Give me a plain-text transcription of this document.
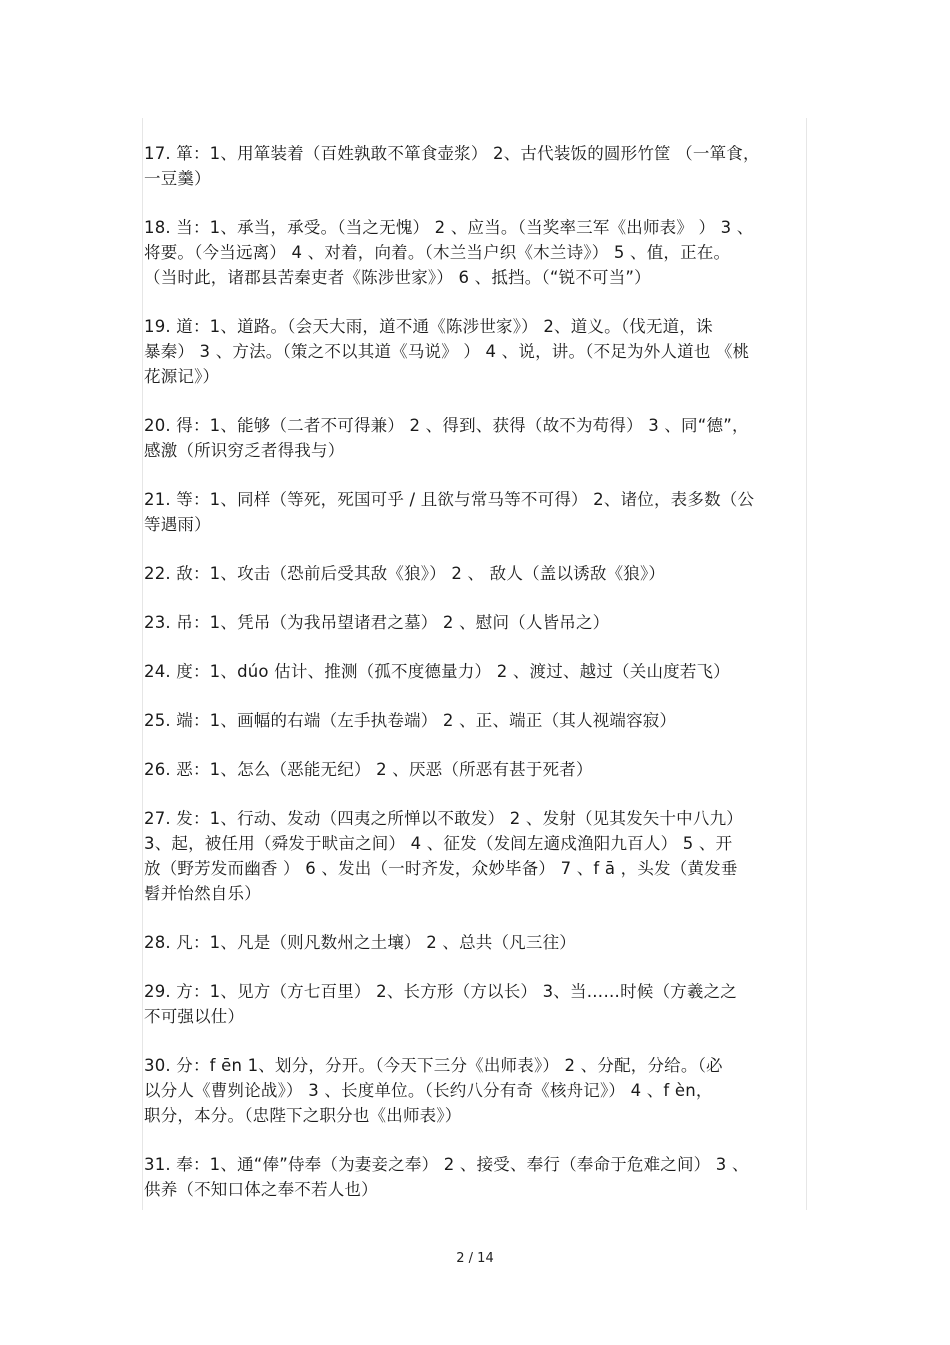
17. 箪：1、用箪装着（百姓孰敢不箪食壶浆） 2、古代装饭的圆形竹筐 （一箪食，
一豆羹）
18. 当：1、承当，承受。（当之无愧） 2 、应当。（当奖率三军《出师表》 ） 3 、
将要。（今当远离） 4 、对着，向着。（木兰当户织《木兰诗》） 5 、值，正在。
（当时此，诸郡县苦秦吏者《陈涉世家》） 6 、抵挡。（“锐不可当”）
19. 道：1、道路。（会天大雨，道不通《陈涉世家》） 2、道义。（伐无道，诛
暴秦） 3 、方法。（策之不以其道《马说》 ） 4 、说，讲。（不足为外人道也 《桃
花源记》）
20. 得：1、能够（二者不可得兼） 2 、得到、获得（故不为苟得） 3 、同“德”，
感激（所识穷乏者得我与）
21. 等：1、同样（等死，死国可乎 / 且欲与常马等不可得） 2、诸位，表多数（公
等遇雨）
22. 敌：1、攻击（恐前后受其敌《狼》） 2 、 敌人（盖以诱敌《狼》）
23. 吊：1、凭吊（为我吊望诸君之墓） 2 、慰问（人皆吊之）
24. 度：1、dúo 估计、推测（孤不度德量力） 2 、渡过、越过（关山度若飞）
25. 端：1、画幅的右端（左手执卷端） 2 、正、端正（其人视端容寂）
26. 恶：1、怎么（恶能无纪） 2 、厌恶（所恶有甚于死者）
27. 发：1、行动、发动（四夷之所惮以不敢发） 2 、发射（见其发矢十中八九）
3、起，被任用（舜发于畎亩之间） 4 、征发（发闾左適戍渔阳九百人） 5 、开
放（野芳发而幽香 ） 6 、发出（一时齐发，众妙毕备） 7 、f ā ，头发（黄发垂
髫并怡然自乐）
28. 凡：1、凡是（则凡数州之土壤） 2 、总共（凡三往）
29. 方：1、见方（方七百里） 2、长方形（方以长） 3、当……时候（方羲之之
不可强以仕）
30. 分：f ēn 1、划分，分开。（今天下三分《出师表》） 2 、分配，分给。（必
以分人《曹刿论战》） 3 、长度单位。（长约八分有奇《核舟记》） 4 、f èn，
职分，本分。（忠陛下之职分也《出师表》）
31. 奉：1、通“俸”侍奉（为妻妾之奉） 2 、接受、奉行（奉命于危难之间） 3 、
供养（不知口体之奉不若人也）
2 / 14
